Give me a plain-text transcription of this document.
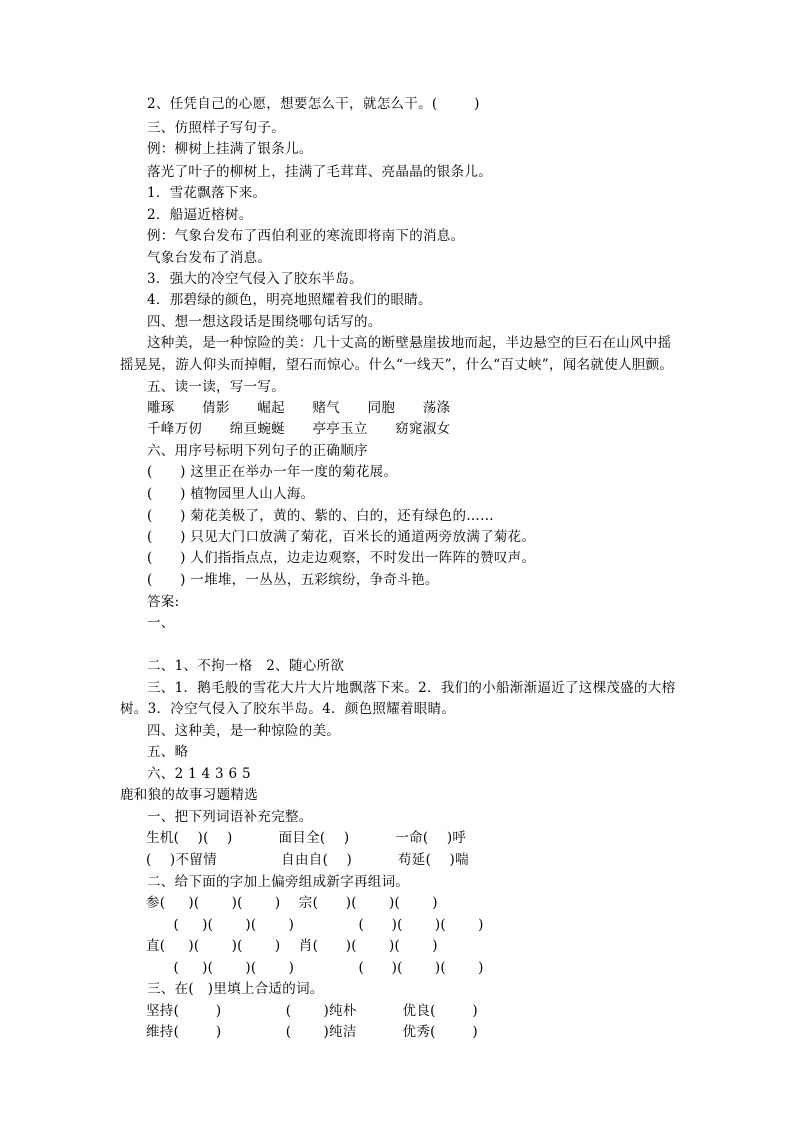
2、任凭自己的心愿，想要怎么干，就怎么干。(        )
三、仿照样子写句子。
例：柳树上挂满了银条儿。
落光了叶子的柳树上，挂满了毛茸茸、亮晶晶的银条儿。
1．雪花飘落下来。
2．船逼近榕树。
例：气象台发布了西伯利亚的寒流即将南下的消息。
气象台发布了消息。
3．强大的冷空气侵入了胶东半岛。
4．那碧绿的颜色，明亮地照耀着我们的眼睛。
四、想一想这段话是围绕哪句话写的。
这种美，是一种惊险的美：几十丈高的断壁悬崖拔地而起，半边悬空的巨石在山风中摇
摇晃晃，游人仰头而掉帽，望石而惊心。什么“一线天”，什么“百丈峡”，闻名就使人胆颤。
五、读一读，写一写。
雕琢      倩影      崛起      赌气      同胞      荡涤
千峰万仞      绵亘蜿蜒      亭亭玉立      窈窕淑女
六、用序号标明下列句子的正确顺序
(      ) 这里正在举办一年一度的菊花展。
(      ) 植物园里人山人海。
(      ) 菊花美极了，黄的、紫的、白的，还有绿色的……
(      ) 只见大门口放满了菊花，百米长的通道两旁放满了菊花。
(      ) 人们指指点点，边走边观察，不时发出一阵阵的赞叹声。
(      ) 一堆堆，一丛丛，五彩缤纷，争奇斗艳。
答案:
一、
二、1、不拘一格   2、随心所欲
三、1．鹅毛般的雪花大片大片地飘落下来。2．我们的小船渐渐逼近了这棵茂盛的大榕
树。3．冷空气侵入了胶东半岛。4．颜色照耀着眼睛。
四、这种美，是一种惊险的美。
五、略
六、2 1 4 3 6 5
鹿和狼的故事习题精选
一、把下列词语补充完整。
生机(    )(    )          面目全(    )          一命(    )呼
(    )不留情              自由自(    )          苟延(    )喘
二、给下面的字加上偏旁组成新字再组词。
参(     )(       )(       )    宗(      )(       )(       )
(     )(       )(       )              (      )(       )(       )
直(     )(       )(       )    肖(      )(       )(       )
(     )(       )(       )              (      )(       )(       )
三、在(   )里填上合适的词。
坚持(        )              (       )纯朴          优良(        )
维持(        )              (       )纯洁          优秀(        )
